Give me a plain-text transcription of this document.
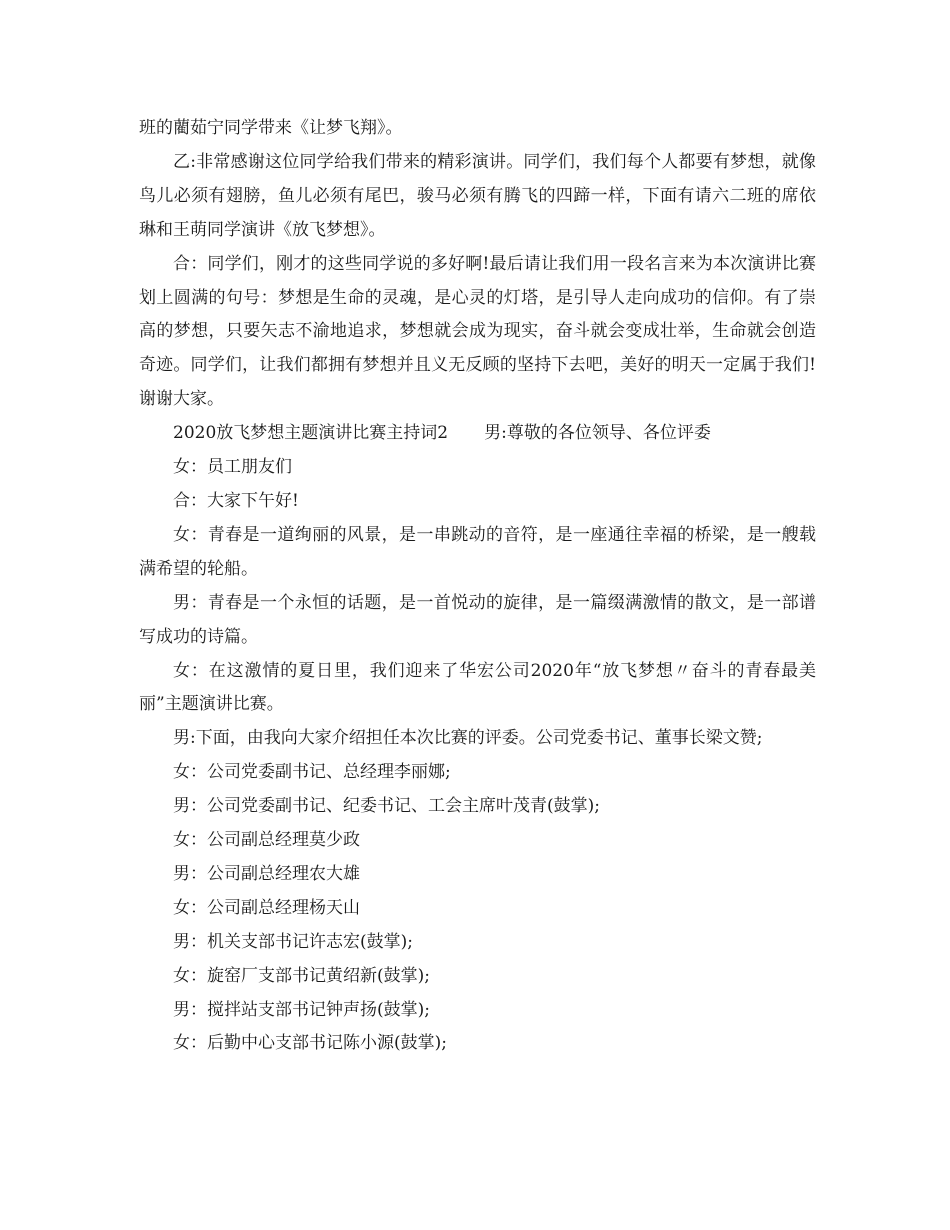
班的藺茹宁同学带来《让梦飞翔》。

乙:非常感谢这位同学给我们带来的精彩演讲。同学们，我们每个人都要有梦想，就像鸟儿必须有翅膀，鱼儿必须有尾巴，骏马必须有腾飞的四蹄一样，下面有请六二班的席依琳和王萌同学演讲《放飞梦想》。

合：同学们，刚才的这些同学说的多好啊!最后请让我们用一段名言来为本次演讲比赛划上圆满的句号：梦想是生命的灵魂，是心灵的灯塔，是引导人走向成功的信仰。有了崇高的梦想，只要矢志不渝地追求，梦想就会成为现实，奋斗就会变成壮举，生命就会创造奇迹。同学们，让我们都拥有梦想并且义无反顾的坚持下去吧，美好的明天一定属于我们!谢谢大家。

2020放飞梦想主题演讲比赛主持词2 男:尊敬的各位领导、各位评委

女：员工朋友们

合：大家下午好!

女：青春是一道绚丽的风景，是一串跳动的音符，是一座通往幸福的桥梁，是一艘载满希望的轮船。

男：青春是一个永恒的话题，是一首悦动的旋律，是一篇缀满激情的散文，是一部谱写成功的诗篇。

女：在这激情的夏日里，我们迎来了华宏公司2020年“放飞梦想〃奋斗的青春最美丽”主题演讲比赛。

男:下面，由我向大家介绍担任本次比赛的评委。公司党委书记、董事长梁文赞;

女：公司党委副书记、总经理李丽娜;

男：公司党委副书记、纪委书记、工会主席叶茂青(鼓掌);

女：公司副总经理莫少政

男：公司副总经理农大雄

女：公司副总经理杨天山

男：机关支部书记许志宏(鼓掌);

女：旋窑厂支部书记黄绍新(鼓掌);

男：搅拌站支部书记钟声扬(鼓掌);

女：后勤中心支部书记陈小源(鼓掌);
